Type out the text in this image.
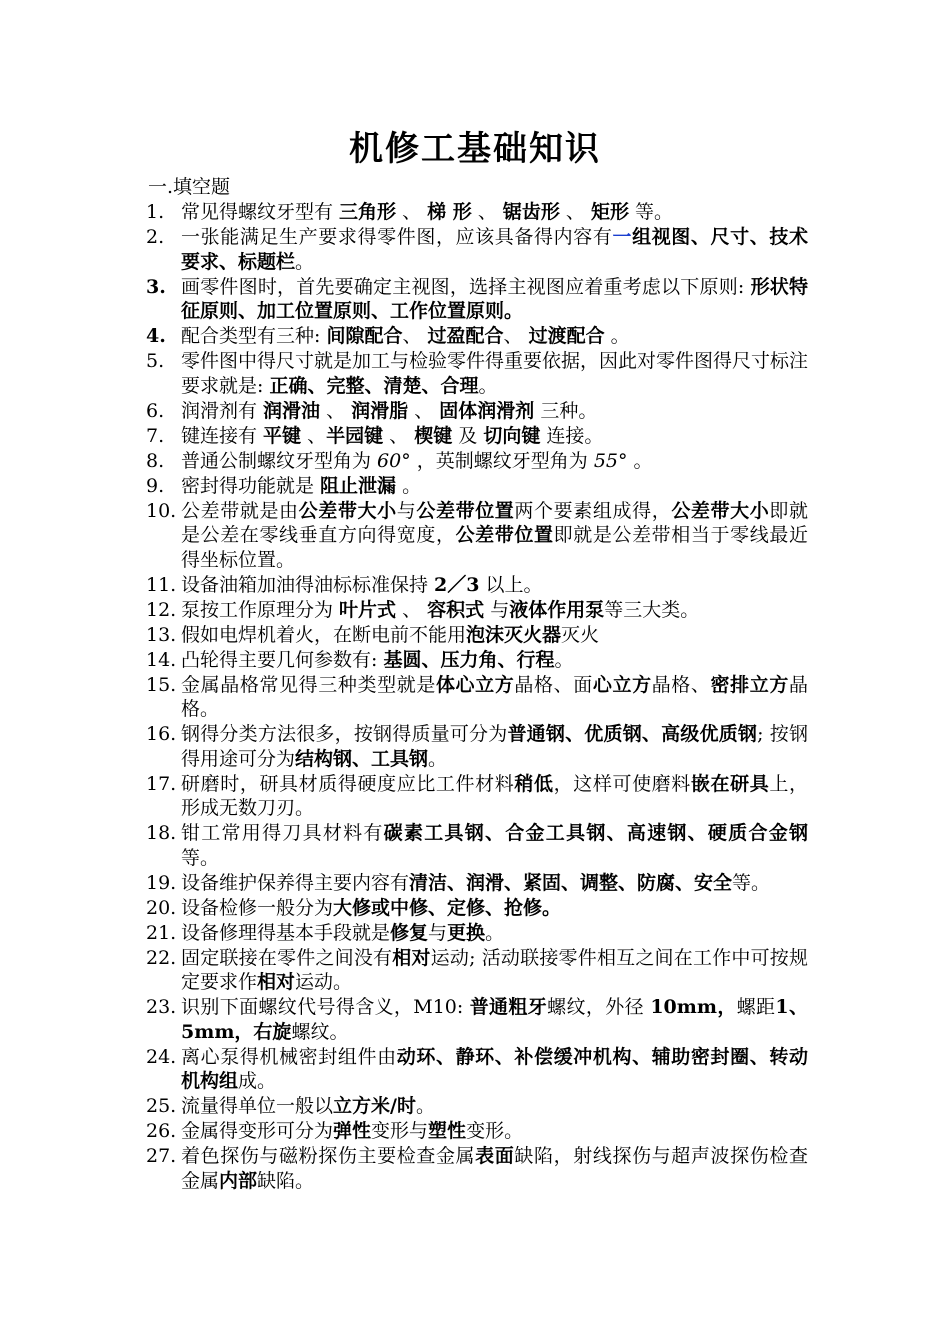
机修工基础知识
一.填空题
1. 常见得螺纹牙型有 三角形 、 梯 形 、 锯齿形 、 矩形 等。
2. 一张能满足生产要求得零件图，应该具备得内容有一组视图、尺寸、技术要求、标题栏。
3. 画零件图时，首先要确定主视图，选择主视图应着重考虑以下原则: 形状特征原则、加工位置原则、工作位置原则。
4. 配合类型有三种: 间隙配合、 过盈配合、 过渡配合 。
5. 零件图中得尺寸就是加工与检验零件得重要依据，因此对零件图得尺寸标注要求就是: 正确、完整、清楚、合理。
6. 润滑剂有 润滑油 、 润滑脂 、 固体润滑剂 三种。
7. 键连接有 平键 、半园键 、 楔键 及 切向键 连接。
8. 普通公制螺纹牙型角为 60° ，英制螺纹牙型角为 55° 。
9. 密封得功能就是 阻止泄漏 。
10. 公差带就是由公差带大小与公差带位置两个要素组成得，公差带大小即就是公差在零线垂直方向得宽度，公差带位置即就是公差带相当于零线最近得坐标位置。
11. 设备油箱加油得油标标准保持 2／3 以上。
12. 泵按工作原理分为 叶片式 、 容积式 与液体作用泵等三大类。
13. 假如电焊机着火，在断电前不能用泡沫灭火器灭火
14. 凸轮得主要几何参数有: 基圆、压力角、行程。
15. 金属晶格常见得三种类型就是体心立方晶格、面心立方晶格、密排立方晶格。
16. 钢得分类方法很多，按钢得质量可分为普通钢、优质钢、高级优质钢; 按钢得用途可分为结构钢、工具钢。
17. 研磨时，研具材质得硬度应比工件材料稍低，这样可使磨料嵌在研具上，形成无数刀刃。
18. 钳工常用得刀具材料有碳素工具钢、合金工具钢、高速钢、硬质合金钢等。
19. 设备维护保养得主要内容有清洁、润滑、紧固、调整、防腐、安全等。
20. 设备检修一般分为大修或中修、定修、抢修。
21. 设备修理得基本手段就是修复与更换。
22. 固定联接在零件之间没有相对运动; 活动联接零件相互之间在工作中可按规定要求作相对运动。
23. 识别下面螺纹代号得含义，M10: 普通粗牙螺纹，外径 10mm，螺距1、5mm，右旋螺纹。
24. 离心泵得机械密封组件由动环、静环、补偿缓冲机构、辅助密封圈、转动机构组成。
25. 流量得单位一般以立方米/时。
26. 金属得变形可分为弹性变形与塑性变形。
27. 着色探伤与磁粉探伤主要检查金属表面缺陷，射线探伤与超声波探伤检查金属内部缺陷。
